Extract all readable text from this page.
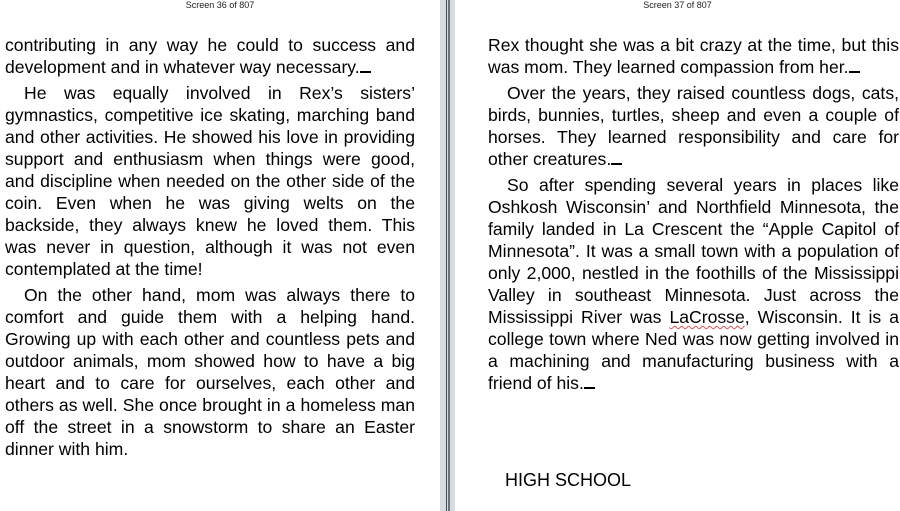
Screen 36 of 807

contributing in any way he could to success and development and in whatever way necessary.

He was equally involved in Rex’s sisters’ gymnastics, competitive ice skating, marching band and other activities. He showed his love in providing support and enthusiasm when things were good, and discipline when needed on the other side of the coin. Even when he was giving welts on the backside, they always knew he loved them. This was never in question, although it was not even contemplated at the time!

On the other hand, mom was always there to comfort and guide them with a helping hand. Growing up with each other and countless pets and outdoor animals, mom showed how to have a big heart and to care for ourselves, each other and others as well. She once brought in a homeless man off the street in a snowstorm to share an Easter dinner with him.

Screen 37 of 807

Rex thought she was a bit crazy at the time, but this was mom. They learned compassion from her.

Over the years, they raised countless dogs, cats, birds, bunnies, turtles, sheep and even a couple of horses. They learned responsibility and care for other creatures.

So after spending several years in places like Oshkosh Wisconsin’ and Northfield Minnesota, the family landed in La Crescent the “Apple Capitol of Minnesota”. It was a small town with a population of only 2,000, nestled in the foothills of the Mississippi Valley in southeast Minnesota. Just across the Mississippi River was LaCrosse, Wisconsin. It is a college town where Ned was now getting involved in a machining and manufacturing business with a friend of his.

HIGH SCHOOL
